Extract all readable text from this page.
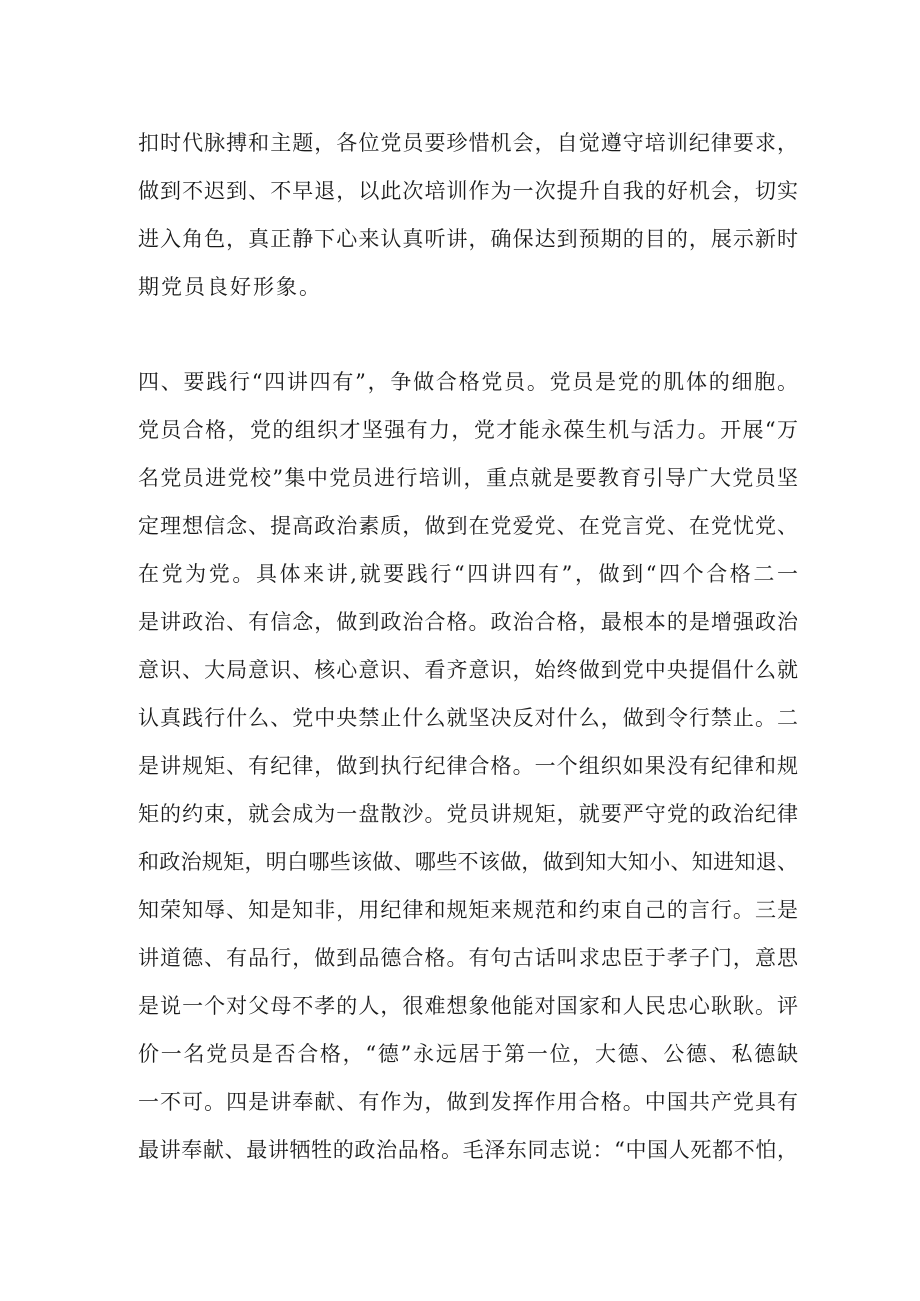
扣时代脉搏和主题，各位党员要珍惜机会，自觉遵守培训纪律要求，
做到不迟到、不早退，以此次培训作为一次提升自我的好机会，切实
进入角色，真正静下心来认真听讲，确保达到预期的目的，展示新时
期党员良好形象。
四、要践行“四讲四有”，争做合格党员。党员是党的肌体的细胞。
党员合格，党的组织才坚强有力，党才能永葆生机与活力。开展“万
名党员进党校”集中党员进行培训，重点就是要教育引导广大党员坚
定理想信念、提高政治素质，做到在党爱党、在党言党、在党忧党、
在党为党。具体来讲,就要践行“四讲四有”，做到“四个合格二一
是讲政治、有信念，做到政治合格。政治合格，最根本的是增强政治
意识、大局意识、核心意识、看齐意识，始终做到党中央提倡什么就
认真践行什么、党中央禁止什么就坚决反对什么，做到令行禁止。二
是讲规矩、有纪律，做到执行纪律合格。一个组织如果没有纪律和规
矩的约束，就会成为一盘散沙。党员讲规矩，就要严守党的政治纪律
和政治规矩，明白哪些该做、哪些不该做，做到知大知小、知进知退、
知荣知辱、知是知非，用纪律和规矩来规范和约束自己的言行。三是
讲道德、有品行，做到品德合格。有句古话叫求忠臣于孝子门，意思
是说一个对父母不孝的人，很难想象他能对国家和人民忠心耿耿。评
价一名党员是否合格，“德”永远居于第一位，大德、公德、私德缺
一不可。四是讲奉献、有作为，做到发挥作用合格。中国共产党具有
最讲奉献、最讲牺牲的政治品格。毛泽东同志说：“中国人死都不怕，
